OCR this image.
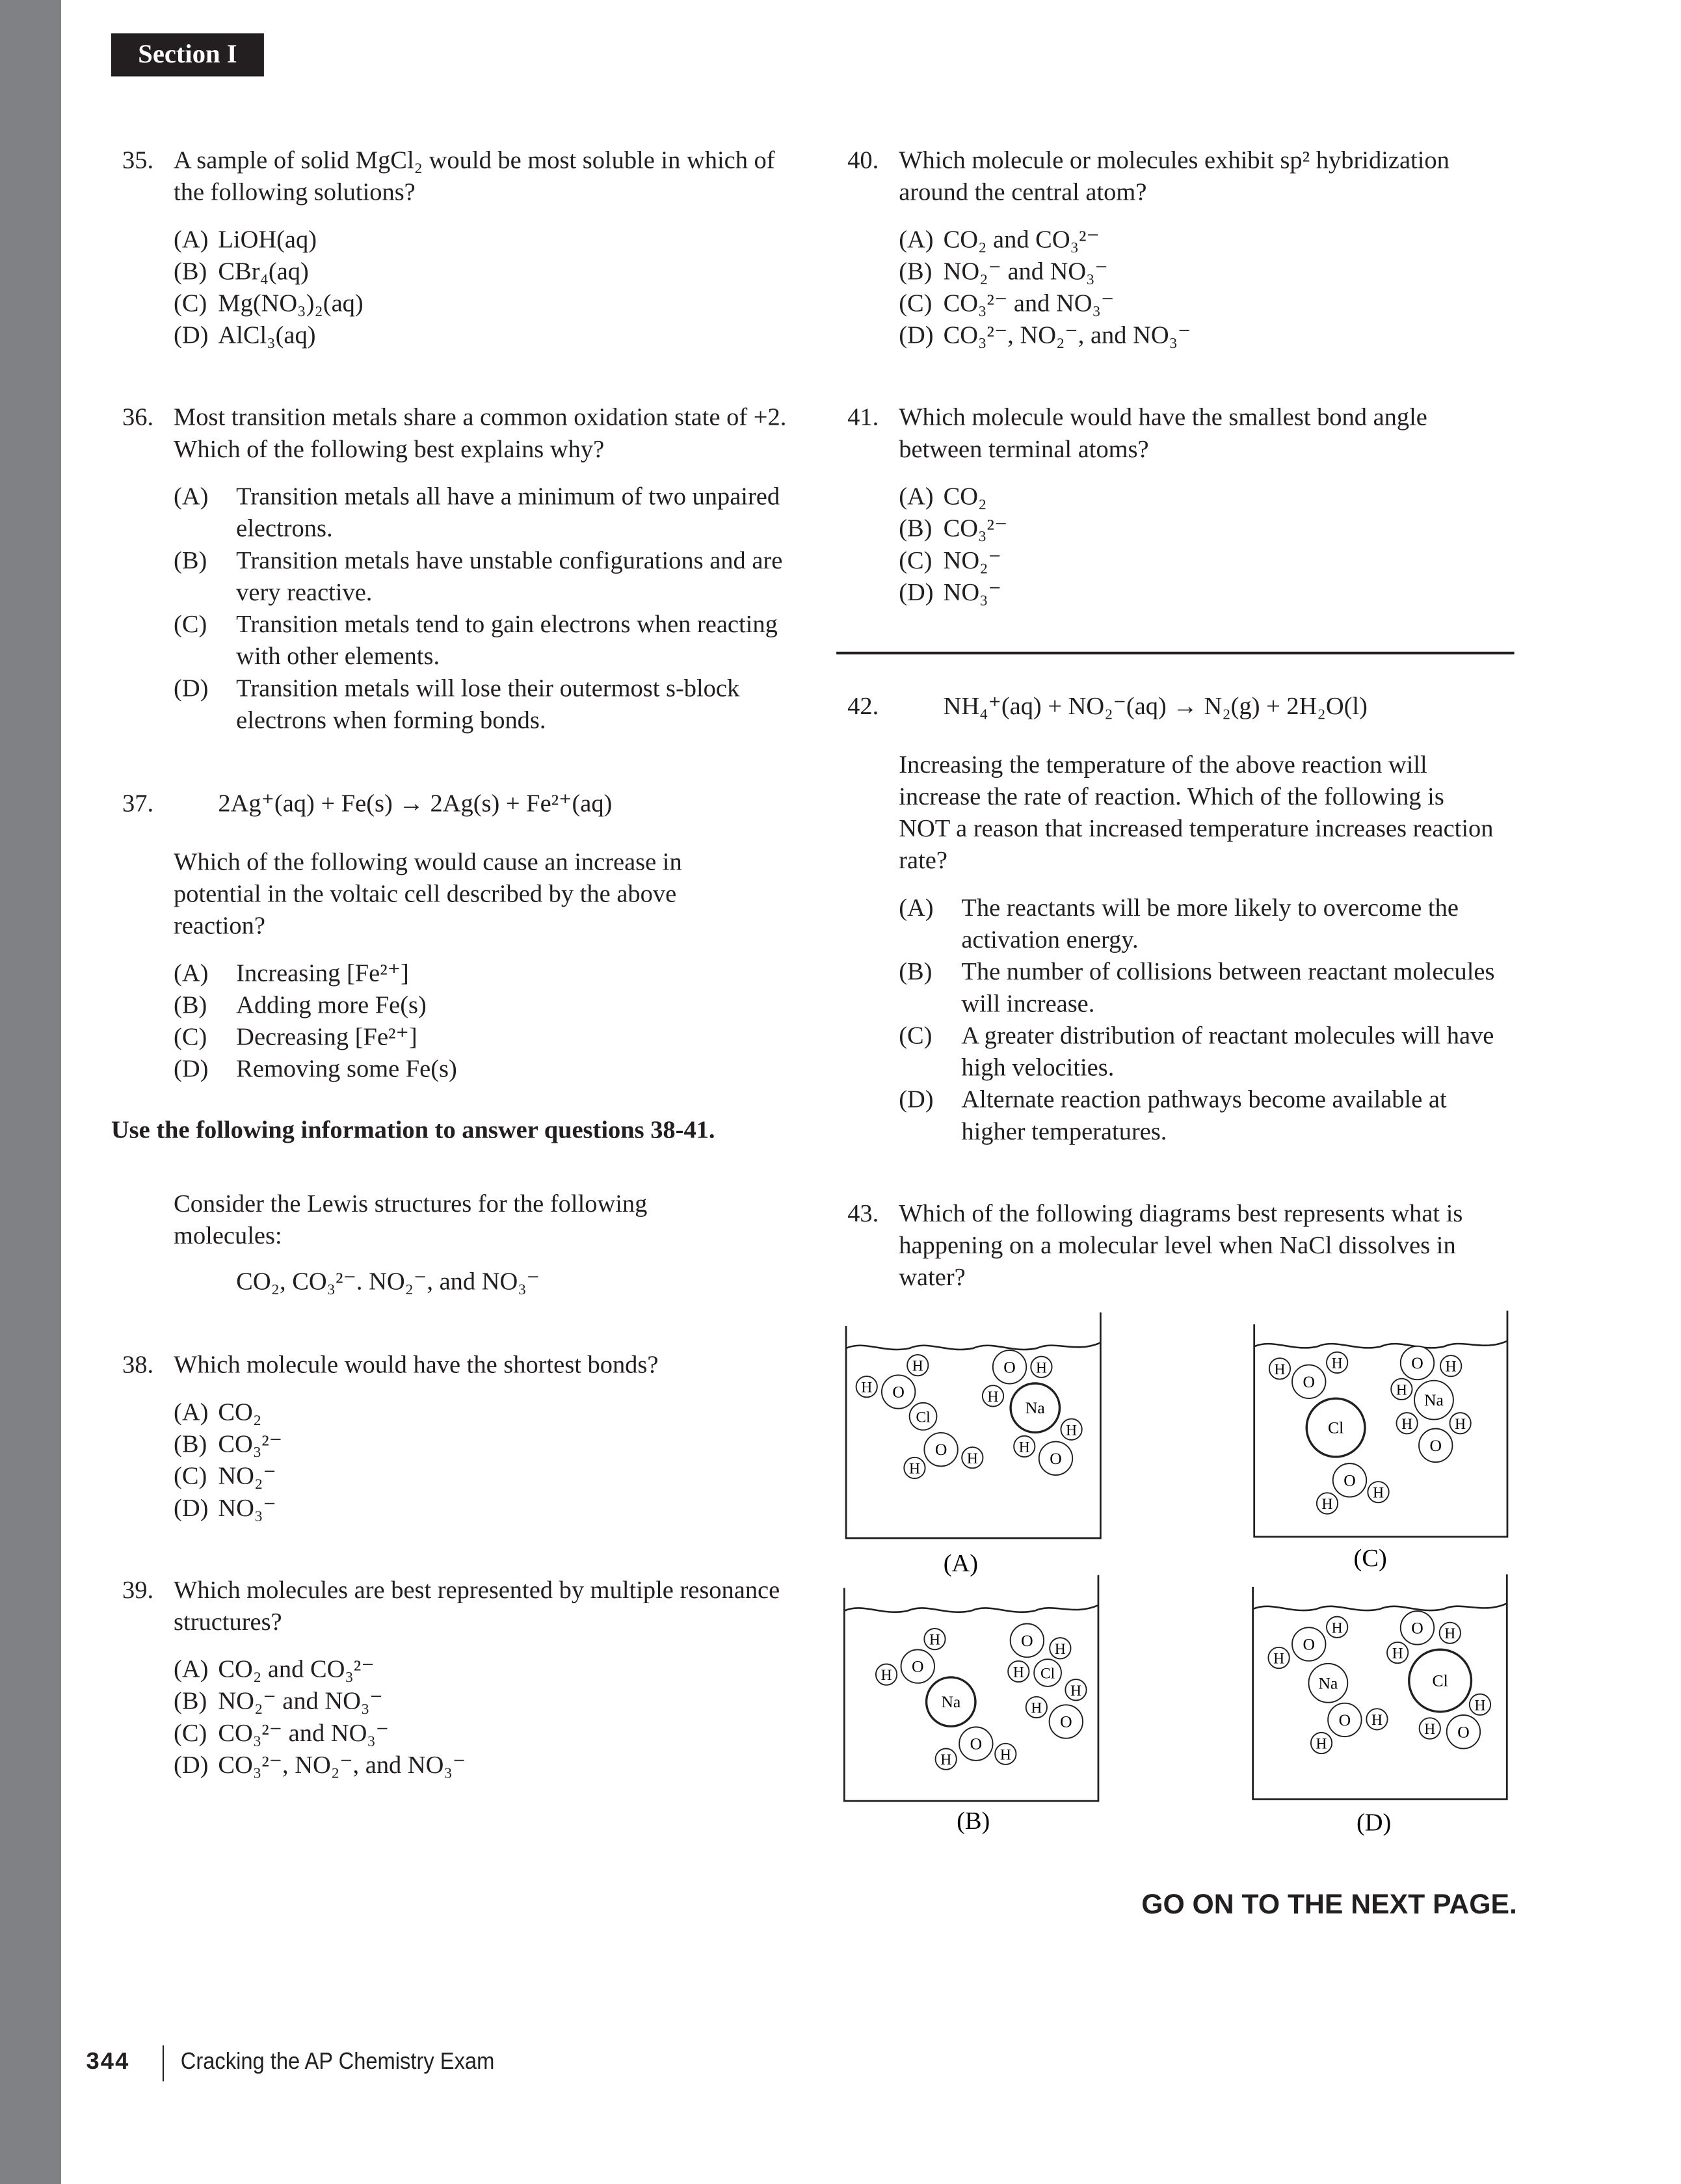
Section I
35. A sample of solid MgCl₂ would be most soluble in which of the following solutions?
(A) LiOH(aq)
(B) CBr₄(aq)
(C) Mg(NO₃)₂(aq)
(D) AlCl₃(aq)
36. Most transition metals share a common oxidation state of +2. Which of the following best explains why?
(A)	Transition metals all have a minimum of two unpaired electrons.
(B)	Transition metals have unstable configurations and are very reactive.
(C)	Transition metals tend to gain electrons when reacting with other elements.
(D)	Transition metals will lose their outermost s-block electrons when forming bonds.
37.	2Ag⁺(aq) + Fe(s) → 2Ag(s) + Fe²⁺(aq)
Which of the following would cause an increase in potential in the voltaic cell described by the above reaction?
(A)	Increasing [Fe²⁺]
(B)	Adding more Fe(s)
(C)	Decreasing [Fe²⁺]
(D)	Removing some Fe(s)
38. Which molecule would have the shortest bonds?
(A) CO₂
(B) CO₃²⁻
(C) NO₂⁻
(D) NO₃⁻
39. Which molecules are best represented by multiple resonance structures?
(A) CO₂ and CO₃²⁻
(B) NO₂⁻ and NO₃⁻
(C) CO₃²⁻ and NO₃⁻
(D) CO₃²⁻, NO₂⁻, and NO₃⁻
40. Which molecule or molecules exhibit sp² hybridization around the central atom?
(A) CO₂ and CO₃²⁻
(B) NO₂⁻ and NO₃⁻
(C) CO₃²⁻ and NO₃⁻
(D) CO₃²⁻, NO₂⁻, and NO₃⁻
41. Which molecule would have the smallest bond angle between terminal atoms?
(A) CO₂
(B) CO₃²⁻
(C) NO₂⁻
(D) NO₃⁻
42.	NH₄⁺(aq) + NO₂⁻(aq) → N₂(g) + 2H₂O(l)
Increasing the temperature of the above reaction will increase the rate of reaction. Which of the following is NOT a reason that increased temperature increases reaction rate?
(A)	The reactants will be more likely to overcome the activation energy.
(B)	The number of collisions between reactant molecules will increase.
(C)	A greater distribution of reactant molecules will have high velocities.
(D)	Alternate reaction pathways become available at higher temperatures.
43. Which of the following diagrams best represents what is happening on a molecular level when NaCl dissolves in water?
Use the following information to answer questions 38-41.
Consider the Lewis structures for the following molecules:
CO₂, CO₃²⁻. NO₂⁻, and NO₃⁻
H
H	O
Cl
O
H
H
O	H
H
Na
H
H
O
(A)
H
O
H
Na
O
H	H
O	H
H Cl
H
H
O
(B)
H
O
H
Cl
O
H
H
O	H
H
Na
H	H
O
(C)
H
O
H
Na
O
H
H
O	H
H
Cl
H
H	O
(D)
GO ON TO THE NEXT PAGE.
344	Cracking the AP Chemistry Exam
